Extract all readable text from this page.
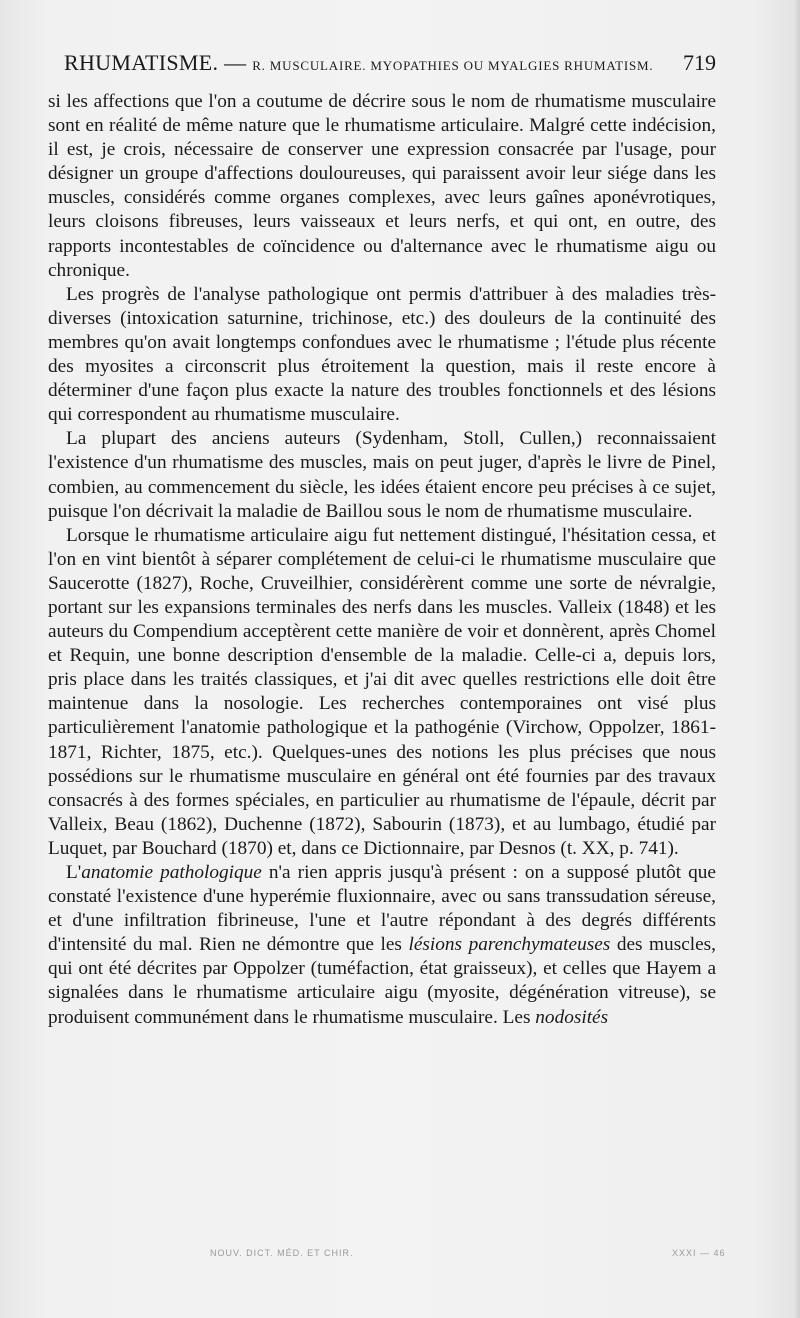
RHUMATISME. — R. MUSCULAIRE. MYOPATHIES OU MYALGIES RHUMATISM. 719

si les affections que l'on a coutume de décrire sous le nom de rhumatisme musculaire sont en réalité de même nature que le rhumatisme articulaire. Malgré cette indécision, il est, je crois, nécessaire de conserver une expression consacrée par l'usage, pour désigner un groupe d'affections douloureuses, qui paraissent avoir leur siége dans les muscles, considérés comme organes complexes, avec leurs gaînes aponévrotiques, leurs cloisons fibreuses, leurs vaisseaux et leurs nerfs, et qui ont, en outre, des rapports incontestables de coïncidence ou d'alternance avec le rhumatisme aigu ou chronique.

Les progrès de l'analyse pathologique ont permis d'attribuer à des maladies très-diverses (intoxication saturnine, trichinose, etc.) des douleurs de la continuité des membres qu'on avait longtemps confondues avec le rhumatisme ; l'étude plus récente des myosites a circonscrit plus étroitement la question, mais il reste encore à déterminer d'une façon plus exacte la nature des troubles fonctionnels et des lésions qui correspondent au rhumatisme musculaire.

La plupart des anciens auteurs (Sydenham, Stoll, Cullen,) reconnaissaient l'existence d'un rhumatisme des muscles, mais on peut juger, d'après le livre de Pinel, combien, au commencement du siècle, les idées étaient encore peu précises à ce sujet, puisque l'on décrivait la maladie de Baillou sous le nom de rhumatisme musculaire.

Lorsque le rhumatisme articulaire aigu fut nettement distingué, l'hésitation cessa, et l'on en vint bientôt à séparer complétement de celui-ci le rhumatisme musculaire que Saucerotte (1827), Roche, Cruveilhier, considérèrent comme une sorte de névralgie, portant sur les expansions terminales des nerfs dans les muscles. Valleix (1848) et les auteurs du Compendium acceptèrent cette manière de voir et donnèrent, après Chomel et Requin, une bonne description d'ensemble de la maladie. Celle-ci a, depuis lors, pris place dans les traités classiques, et j'ai dit avec quelles restrictions elle doit être maintenue dans la nosologie. Les recherches contemporaines ont visé plus particulièrement l'anatomie pathologique et la pathogénie (Virchow, Oppolzer, 1861-1871, Richter, 1875, etc.). Quelques-unes des notions les plus précises que nous possédions sur le rhumatisme musculaire en général ont été fournies par des travaux consacrés à des formes spéciales, en particulier au rhumatisme de l'épaule, décrit par Valleix, Beau (1862), Duchenne (1872), Sabourin (1873), et au lumbago, étudié par Luquet, par Bouchard (1870) et, dans ce Dictionnaire, par Desnos (t. XX, p. 741).

L'anatomie pathologique n'a rien appris jusqu'à présent : on a supposé plutôt que constaté l'existence d'une hyperémie fluxionnaire, avec ou sans transsudation séreuse, et d'une infiltration fibrineuse, l'une et l'autre répondant à des degrés différents d'intensité du mal. Rien ne démontre que les lésions parenchymateuses des muscles, qui ont été décrites par Oppolzer (tuméfaction, état graisseux), et celles que Hayem a signalées dans le rhumatisme articulaire aigu (myosite, dégénération vitreuse), se produisent communément dans le rhumatisme musculaire. Les nodosités

NOUV. DICT. MÉD. ET CHIR.	XXXI — 46
